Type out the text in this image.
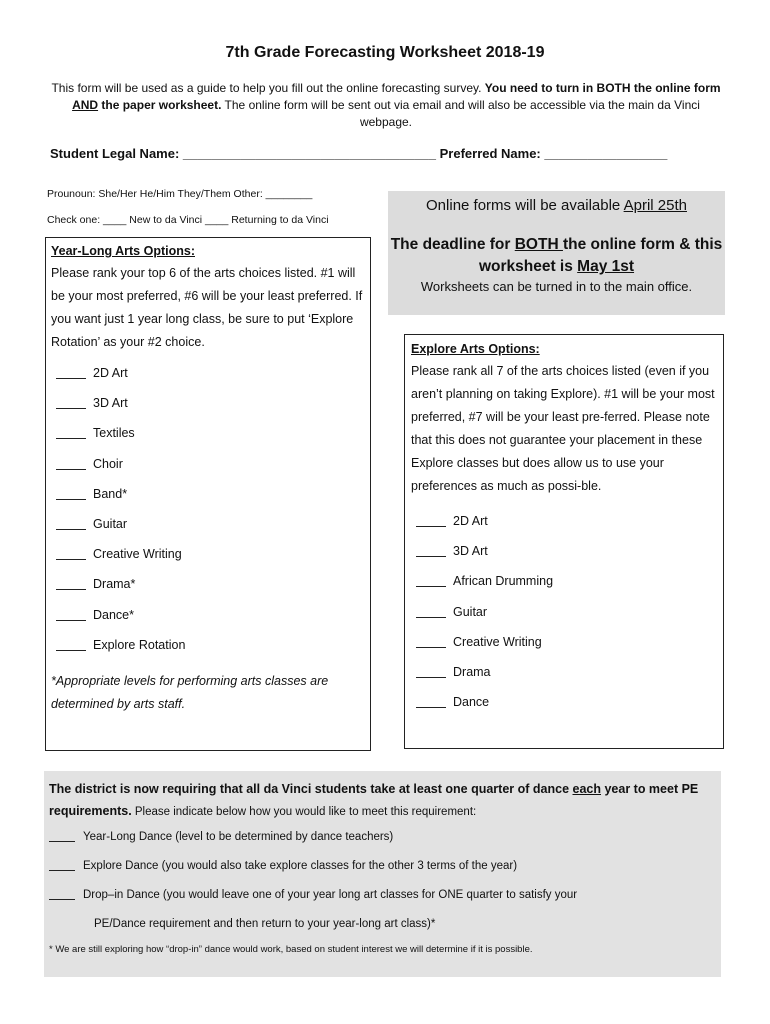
7th Grade Forecasting Worksheet 2018-19
This form will be used as a guide to help you fill out the online forecasting survey. You need to turn in BOTH the online form AND the paper worksheet. The online form will be sent out via email and will also be accessible via the main da Vinci webpage.
Student Legal Name: ___________________________________ Preferred Name: _________________
Prounoun: She/Her He/Him They/Them Other: ________
Check one: ____ New to da Vinci ____ Returning to da Vinci
Online forms will be available April 25th
The deadline for BOTH the online form & this worksheet is May 1st
Worksheets can be turned in to the main office.
Year-Long Arts Options:
Please rank your top 6 of the arts choices listed. #1 will be your most preferred, #6 will be your least preferred. If you want just 1 year long class, be sure to put ‘Explore Rotation’ as your #2 choice.
2D Art
3D Art
Textiles
Choir
Band*
Guitar
Creative Writing
Drama*
Dance*
Explore Rotation
*Appropriate levels for performing arts classes are determined by arts staff.
Explore Arts Options:
Please rank all 7 of the arts choices listed (even if you aren’t planning on taking Explore). #1 will be your most preferred, #7 will be your least pre-ferred. Please note that this does not guarantee your placement in these Explore classes but does allow us to use your preferences as much as possi-ble.
2D Art
3D Art
African Drumming
Guitar
Creative Writing
Drama
Dance
The district is now requiring that all da Vinci students take at least one quarter of dance each year to meet PE requirements. Please indicate below how you would like to meet this requirement:
Year-Long Dance (level to be determined by dance teachers)
Explore Dance (you would also take explore classes for the other 3 terms of the year)
Drop–in Dance (you would leave one of your year long art classes for ONE quarter to satisfy your
PE/Dance requirement and then return to your year-long art class)*
* We are still exploring how “drop-in” dance would work, based on student interest we will determine if it is possible.
